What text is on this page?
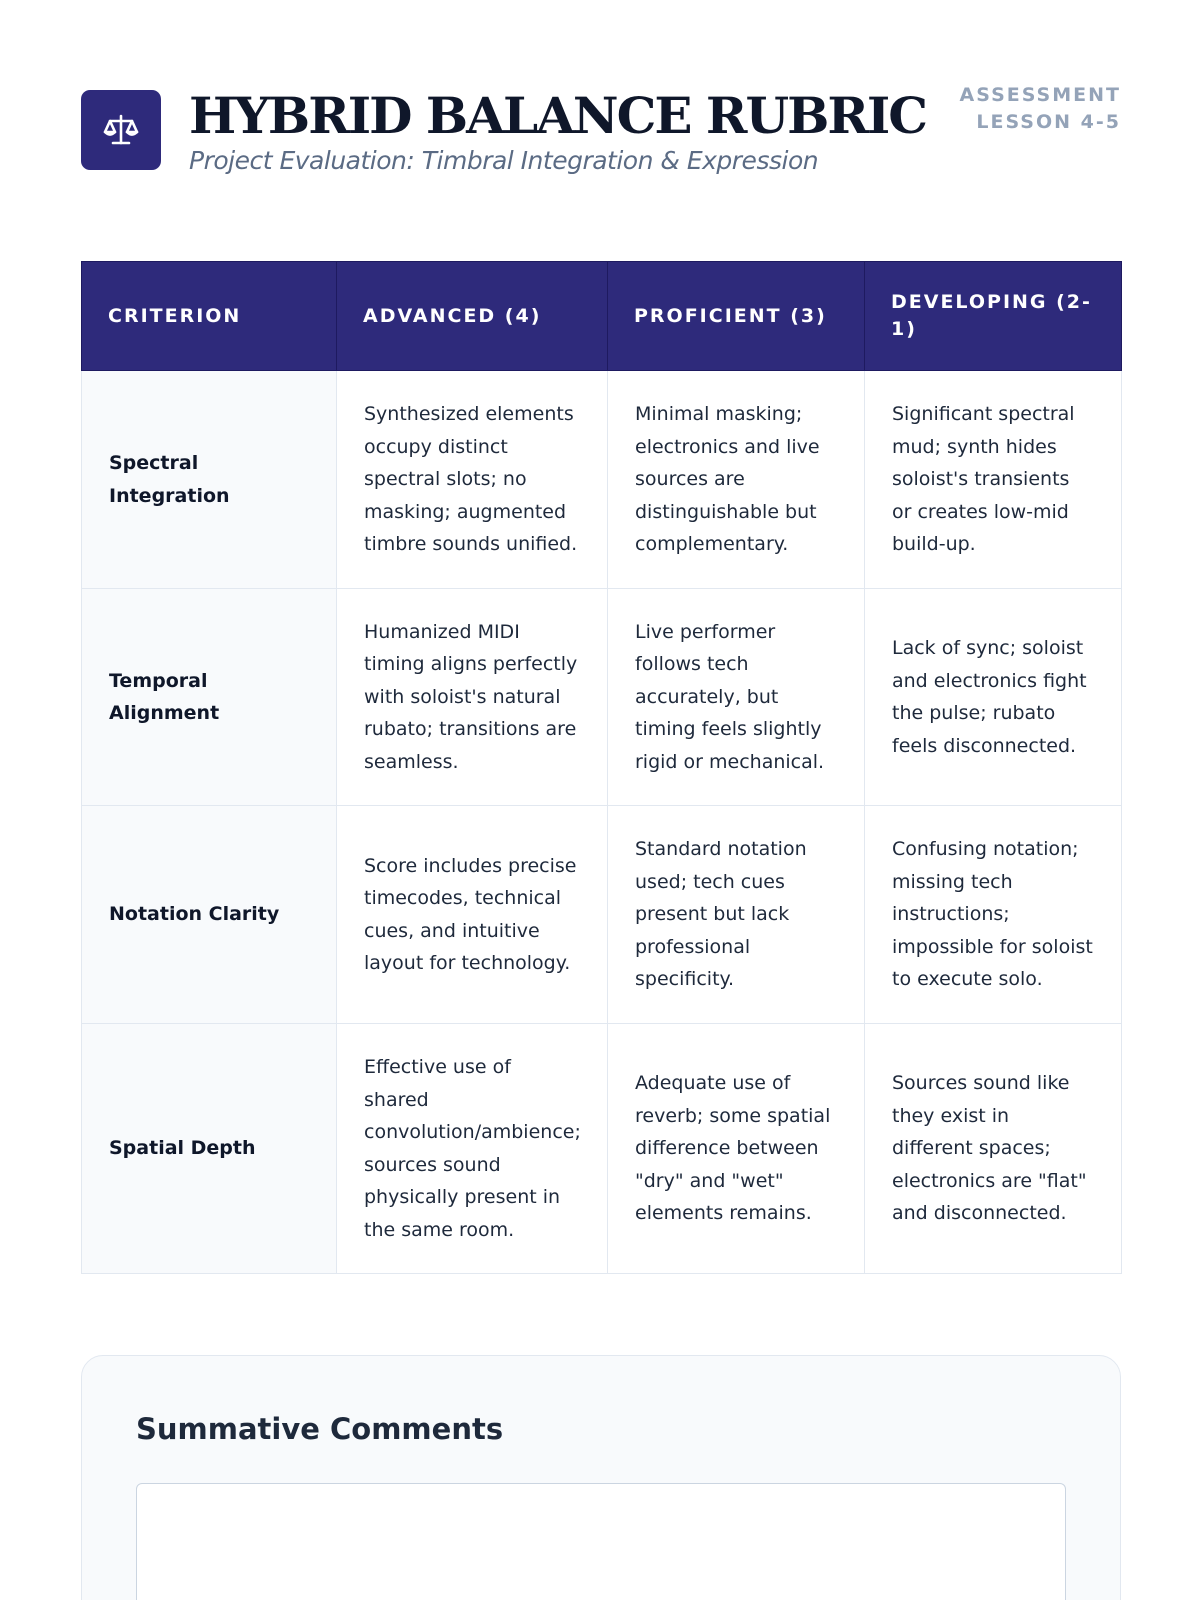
HYBRID BALANCE RUBRIC
Project Evaluation: Timbral Integration & Expression
ASSESSMENT
LESSON 4-5
CRITERION	ADVANCED (4)	PROFICIENT (3)	DEVELOPING (2-1)
Spectral Integration	Synthesized elements occupy distinct spectral slots; no masking; augmented timbre sounds unified.	Minimal masking; electronics and live sources are distinguishable but complementary.	Significant spectral mud; synth hides soloist's transients or creates low-mid build-up.
Temporal Alignment	Humanized MIDI timing aligns perfectly with soloist's natural rubato; transitions are seamless.	Live performer follows tech accurately, but timing feels slightly rigid or mechanical.	Lack of sync; soloist and electronics fight the pulse; rubato feels disconnected.
Notation Clarity	Score includes precise timecodes, technical cues, and intuitive layout for technology.	Standard notation used; tech cues present but lack professional specificity.	Confusing notation; missing tech instructions; impossible for soloist to execute solo.
Spatial Depth	Effective use of shared convolution/ambience; sources sound physically present in the same room.	Adequate use of reverb; some spatial difference between "dry" and "wet" elements remains.	Sources sound like they exist in different spaces; electronics are "flat" and disconnected.
Summative Comments
